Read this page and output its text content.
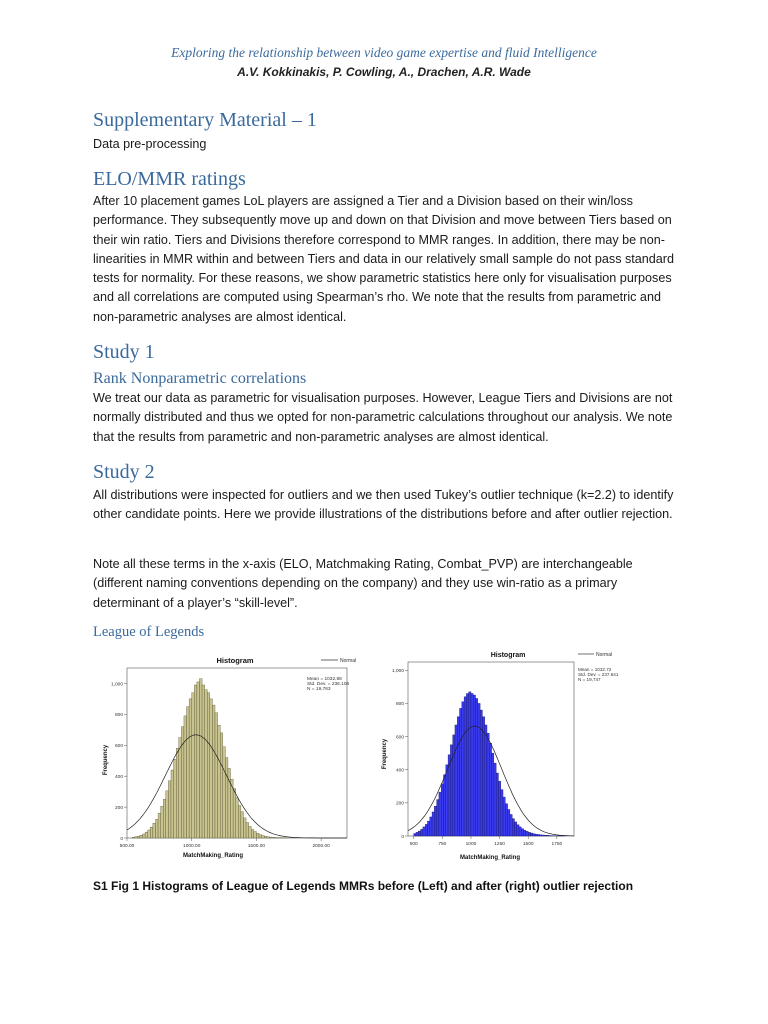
Exploring the relationship between video game expertise and fluid Intelligence
A.V. Kokkinakis, P. Cowling, A., Drachen, A.R. Wade
Supplementary Material – 1

Data pre-processing

ELO/MMR ratings

After 10 placement games LoL players are assigned a Tier and a Division based on their win/loss performance. They subsequently move up and down on that Division and move between Tiers based on their win ratio. Tiers and Divisions therefore correspond to MMR ranges. In addition, there may be non-linearities in MMR within and between Tiers and data in our relatively small sample do not pass standard tests for normality. For these reasons, we show parametric statistics here only for visualisation purposes and all correlations are computed using Spearman’s rho. We note that the results from parametric and non-parametric analyses are almost identical.

Study 1
Rank Nonparametric correlations

We treat our data as parametric for visualisation purposes. However, League Tiers and Divisions are not normally distributed and thus we opted for non-parametric calculations throughout our analysis. We note that the results from parametric and non-parametric analyses are almost identical.

Study 2

All distributions were inspected for outliers and we then used Tukey’s outlier technique (k=2.2) to identify other candidate points. Here we provide illustrations of the distributions before and after outlier rejection.

Note all these terms in the x-axis (ELO, Matchmaking Rating, Combat_PVP) are interchangeable (different naming conventions depending on the company) and they use win-ratio as a primary determinant of a player’s “skill-level”.

League of Legends
Histogram	Normal
Mean = 1032.88
Std. Dev. = 236.106
N = 19,763
Frequency
MatchMaking_Rating
0
200
400
600
800
1,000
500.00	1000.00	1500.00	2000.00
Histogram	Normal
Mean = 1032.72
Std. Dev. = 237.641
N = 19,747
Frequency
MatchMaking_Rating
0
200
400
600
800
1,000
500	750	1000	1250	1500	1750
S1 Fig 1 Histograms of League of Legends MMRs before (Left) and after (right) outlier rejection
